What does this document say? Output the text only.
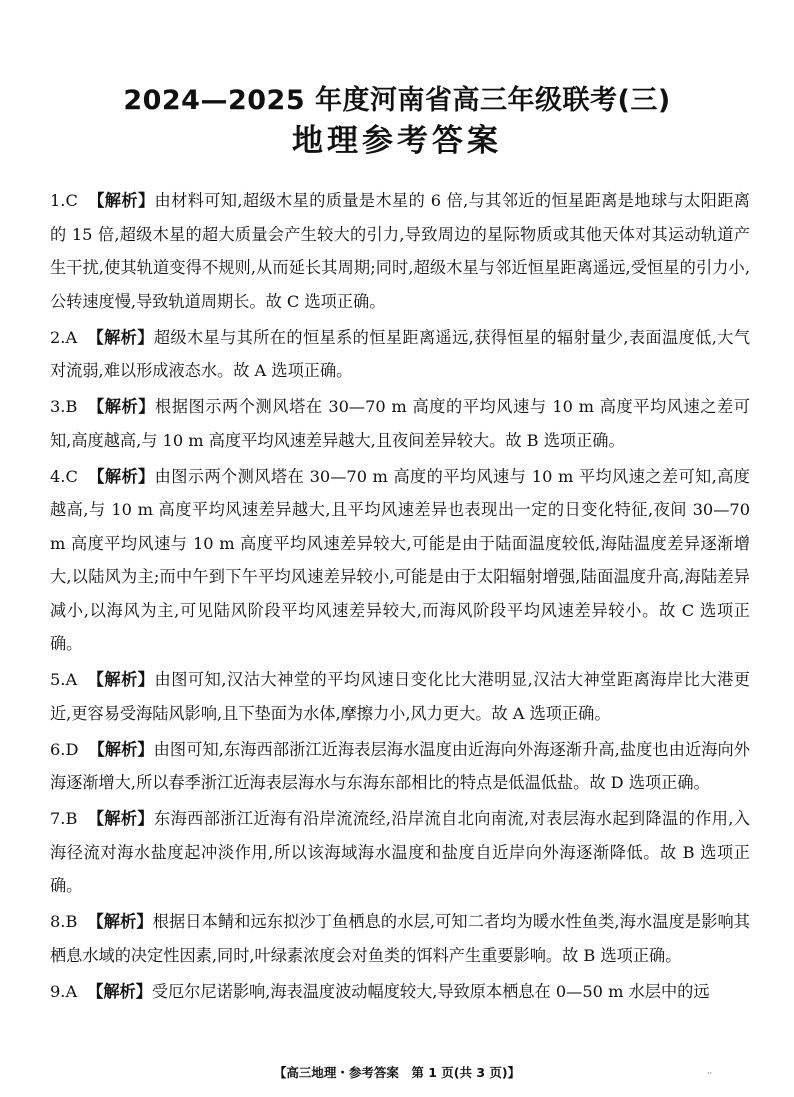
2024—2025 年度河南省高三年级联考(三)
地理参考答案

1.C 【解析】由材料可知,超级木星的质量是木星的 6 倍,与其邻近的恒星距离是地球与太阳距离的 15 倍,超级木星的超大质量会产生较大的引力,导致周边的星际物质或其他天体对其运动轨道产生干扰,使其轨道变得不规则,从而延长其周期;同时,超级木星与邻近恒星距离遥远,受恒星的引力小,公转速度慢,导致轨道周期长。故 C 选项正确。

2.A 【解析】超级木星与其所在的恒星系的恒星距离遥远,获得恒星的辐射量少,表面温度低,大气对流弱,难以形成液态水。故 A 选项正确。

3.B 【解析】根据图示两个测风塔在 30—70 m 高度的平均风速与 10 m 高度平均风速之差可知,高度越高,与 10 m 高度平均风速差异越大,且夜间差异较大。故 B 选项正确。

4.C 【解析】由图示两个测风塔在 30—70 m 高度的平均风速与 10 m 平均风速之差可知,高度越高,与 10 m 高度平均风速差异越大,且平均风速差异也表现出一定的日变化特征,夜间 30—70 m 高度平均风速与 10 m 高度平均风速差异较大,可能是由于陆面温度较低,海陆温度差异逐渐增大,以陆风为主;而中午到下午平均风速差异较小,可能是由于太阳辐射增强,陆面温度升高,海陆差异减小,以海风为主,可见陆风阶段平均风速差异较大,而海风阶段平均风速差异较小。故 C 选项正确。

5.A 【解析】由图可知,汉沽大神堂的平均风速日变化比大港明显,汉沽大神堂距离海岸比大港更近,更容易受海陆风影响,且下垫面为水体,摩擦力小,风力更大。故 A 选项正确。

6.D 【解析】由图可知,东海西部浙江近海表层海水温度由近海向外海逐渐升高,盐度也由近海向外海逐渐增大,所以春季浙江近海表层海水与东海东部相比的特点是低温低盐。故 D 选项正确。

7.B 【解析】东海西部浙江近海有沿岸流流经,沿岸流自北向南流,对表层海水起到降温的作用,入海径流对海水盐度起冲淡作用,所以该海域海水温度和盐度自近岸向外海逐渐降低。故 B 选项正确。

8.B 【解析】根据日本鲭和远东拟沙丁鱼栖息的水层,可知二者均为暖水性鱼类,海水温度是影响其栖息水域的决定性因素,同时,叶绿素浓度会对鱼类的饵料产生重要影响。故 B 选项正确。

9.A 【解析】受厄尔尼诺影响,海表温度波动幅度较大,导致原本栖息在 0—50 m 水层中的远

【高三地理・参考答案　第 1 页(共 3 页)】	··
